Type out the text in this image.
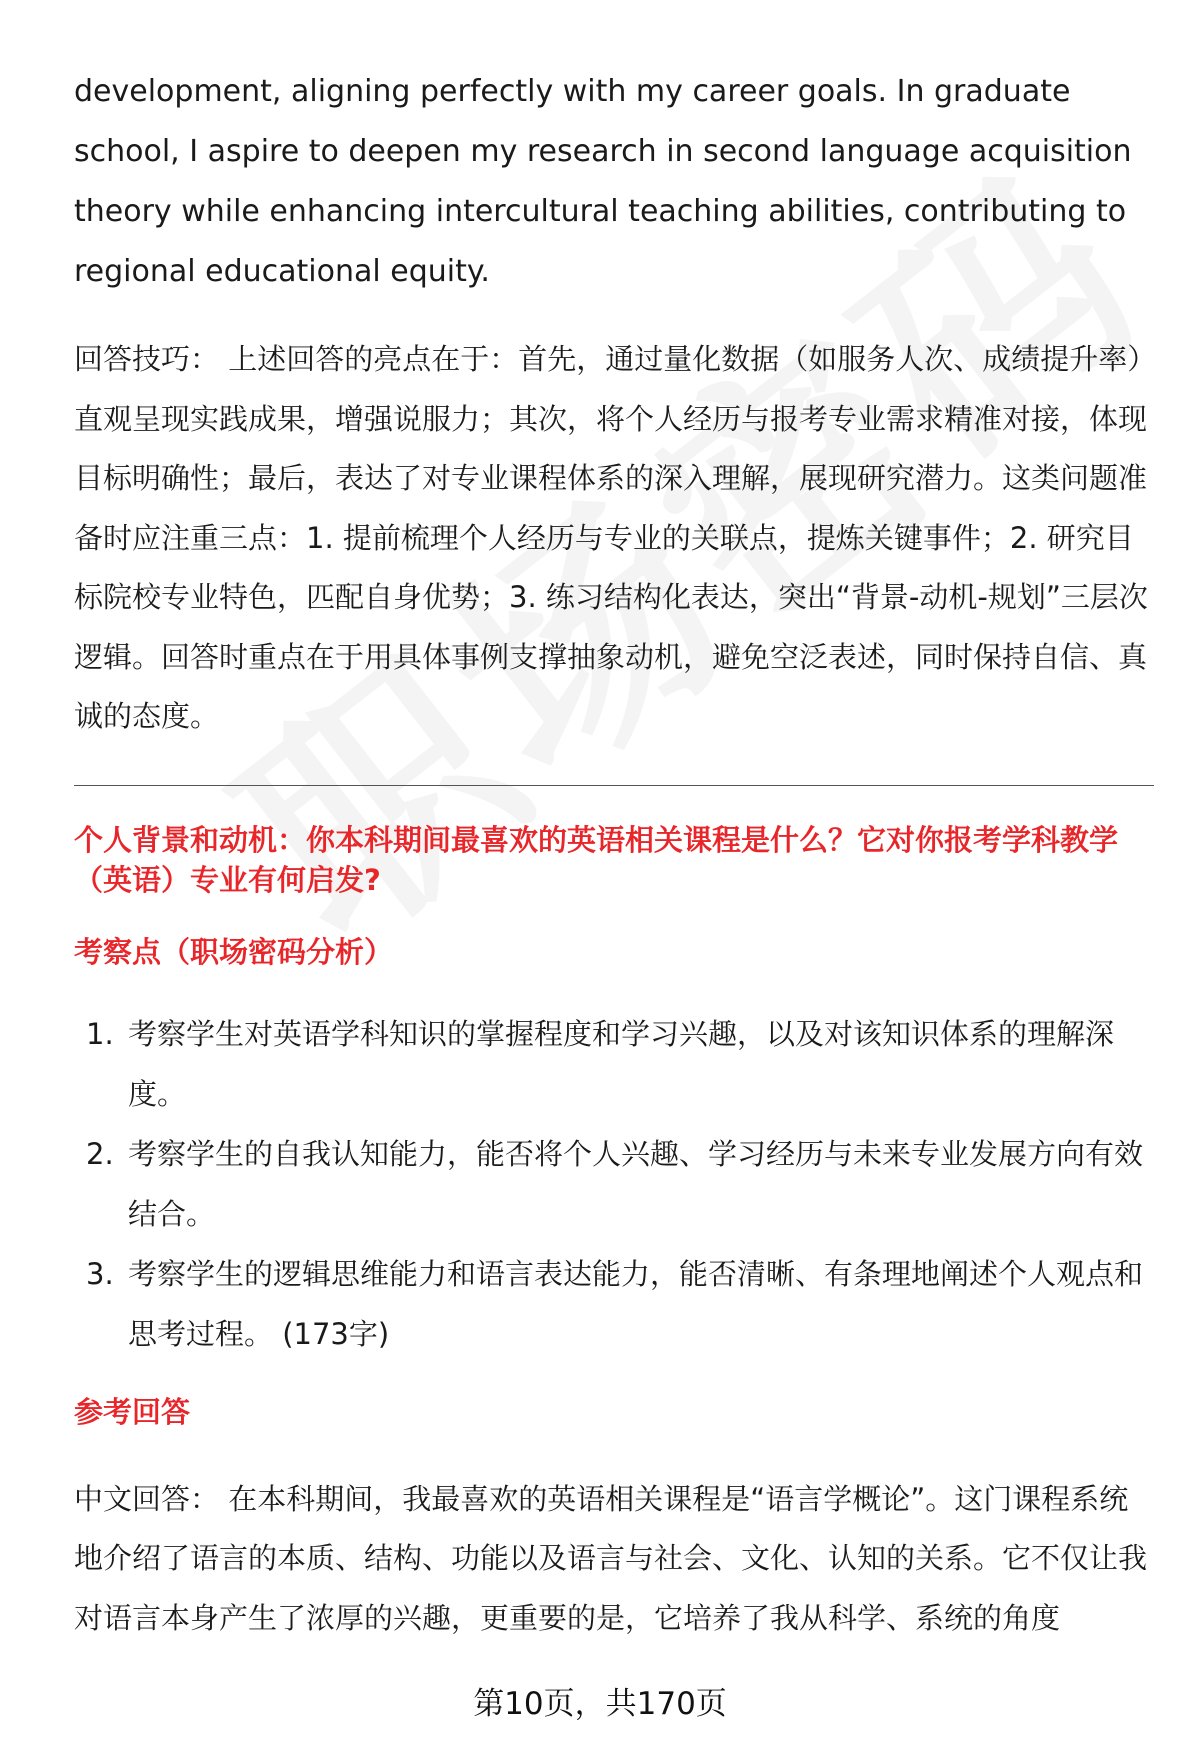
development, aligning perfectly with my career goals. In graduate school, I aspire to deepen my research in second language acquisition theory while enhancing intercultural teaching abilities, contributing to regional educational equity.

回答技巧： 上述回答的亮点在于：首先，通过量化数据（如服务人次、成绩提升率）直观呈现实践成果，增强说服力；其次，将个人经历与报考专业需求精准对接，体现目标明确性；最后，表达了对专业课程体系的深入理解，展现研究潜力。这类问题准备时应注重三点：1. 提前梳理个人经历与专业的关联点，提炼关键事件；2. 研究目标院校专业特色，匹配自身优势；3. 练习结构化表达，突出“背景-动机-规划”三层次逻辑。回答时重点在于用具体事例支撑抽象动机，避免空泛表述，同时保持自信、真诚的态度。

个人背景和动机：你本科期间最喜欢的英语相关课程是什么？它对你报考学科教学（英语）专业有何启发?

考察点（职场密码分析）

1. 考察学生对英语学科知识的掌握程度和学习兴趣，以及对该知识体系的理解深度。
2. 考察学生的自我认知能力，能否将个人兴趣、学习经历与未来专业发展方向有效结合。
3. 考察学生的逻辑思维能力和语言表达能力，能否清晰、有条理地阐述个人观点和思考过程。 (173字)

参考回答

中文回答： 在本科期间，我最喜欢的英语相关课程是“语言学概论”。这门课程系统地介绍了语言的本质、结构、功能以及语言与社会、文化、认知的关系。它不仅让我对语言本身产生了浓厚的兴趣，更重要的是，它培养了我从科学、系统的角度

第10页，共170页
